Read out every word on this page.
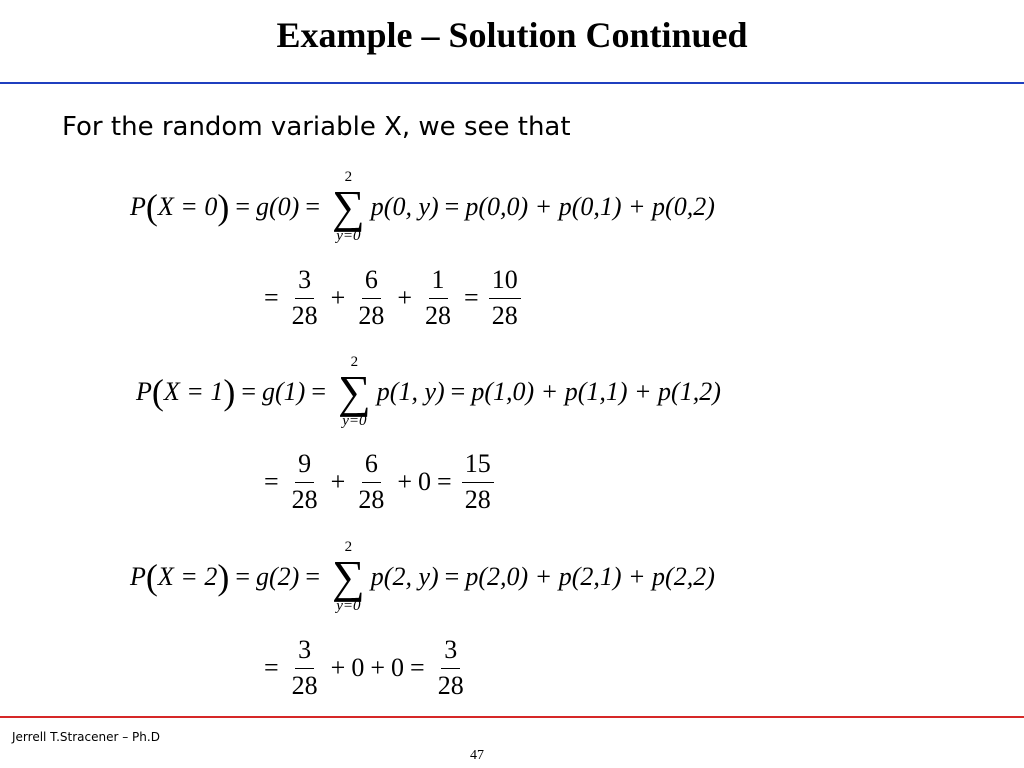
Example – Solution Continued
For the random variable X, we see that
P ( X = 0 ) = g(0) =
2
∑
y=0
p(0, y) = p(0,0) + p(0,1) + p(0,2)
= $\frac{3}{28} + \frac{6}{28} + \frac{1}{28} = \frac{10}{28}$
P ( X = 1 ) = g(1) =
2
∑
y=0
p(1, y) = p(1,0) + p(1,1) + p(1,2)
= $\frac{9}{28} + \frac{6}{28} + 0 = \frac{15}{28}$
P ( X = 2 ) = g(2) =
2
∑
y=0
p(2, y) = p(2,0) + p(2,1) + p(2,2)
= $\frac{3}{28} + 0 + 0 = \frac{3}{28}$
Jerrell T.Stracener – Ph.D
47
